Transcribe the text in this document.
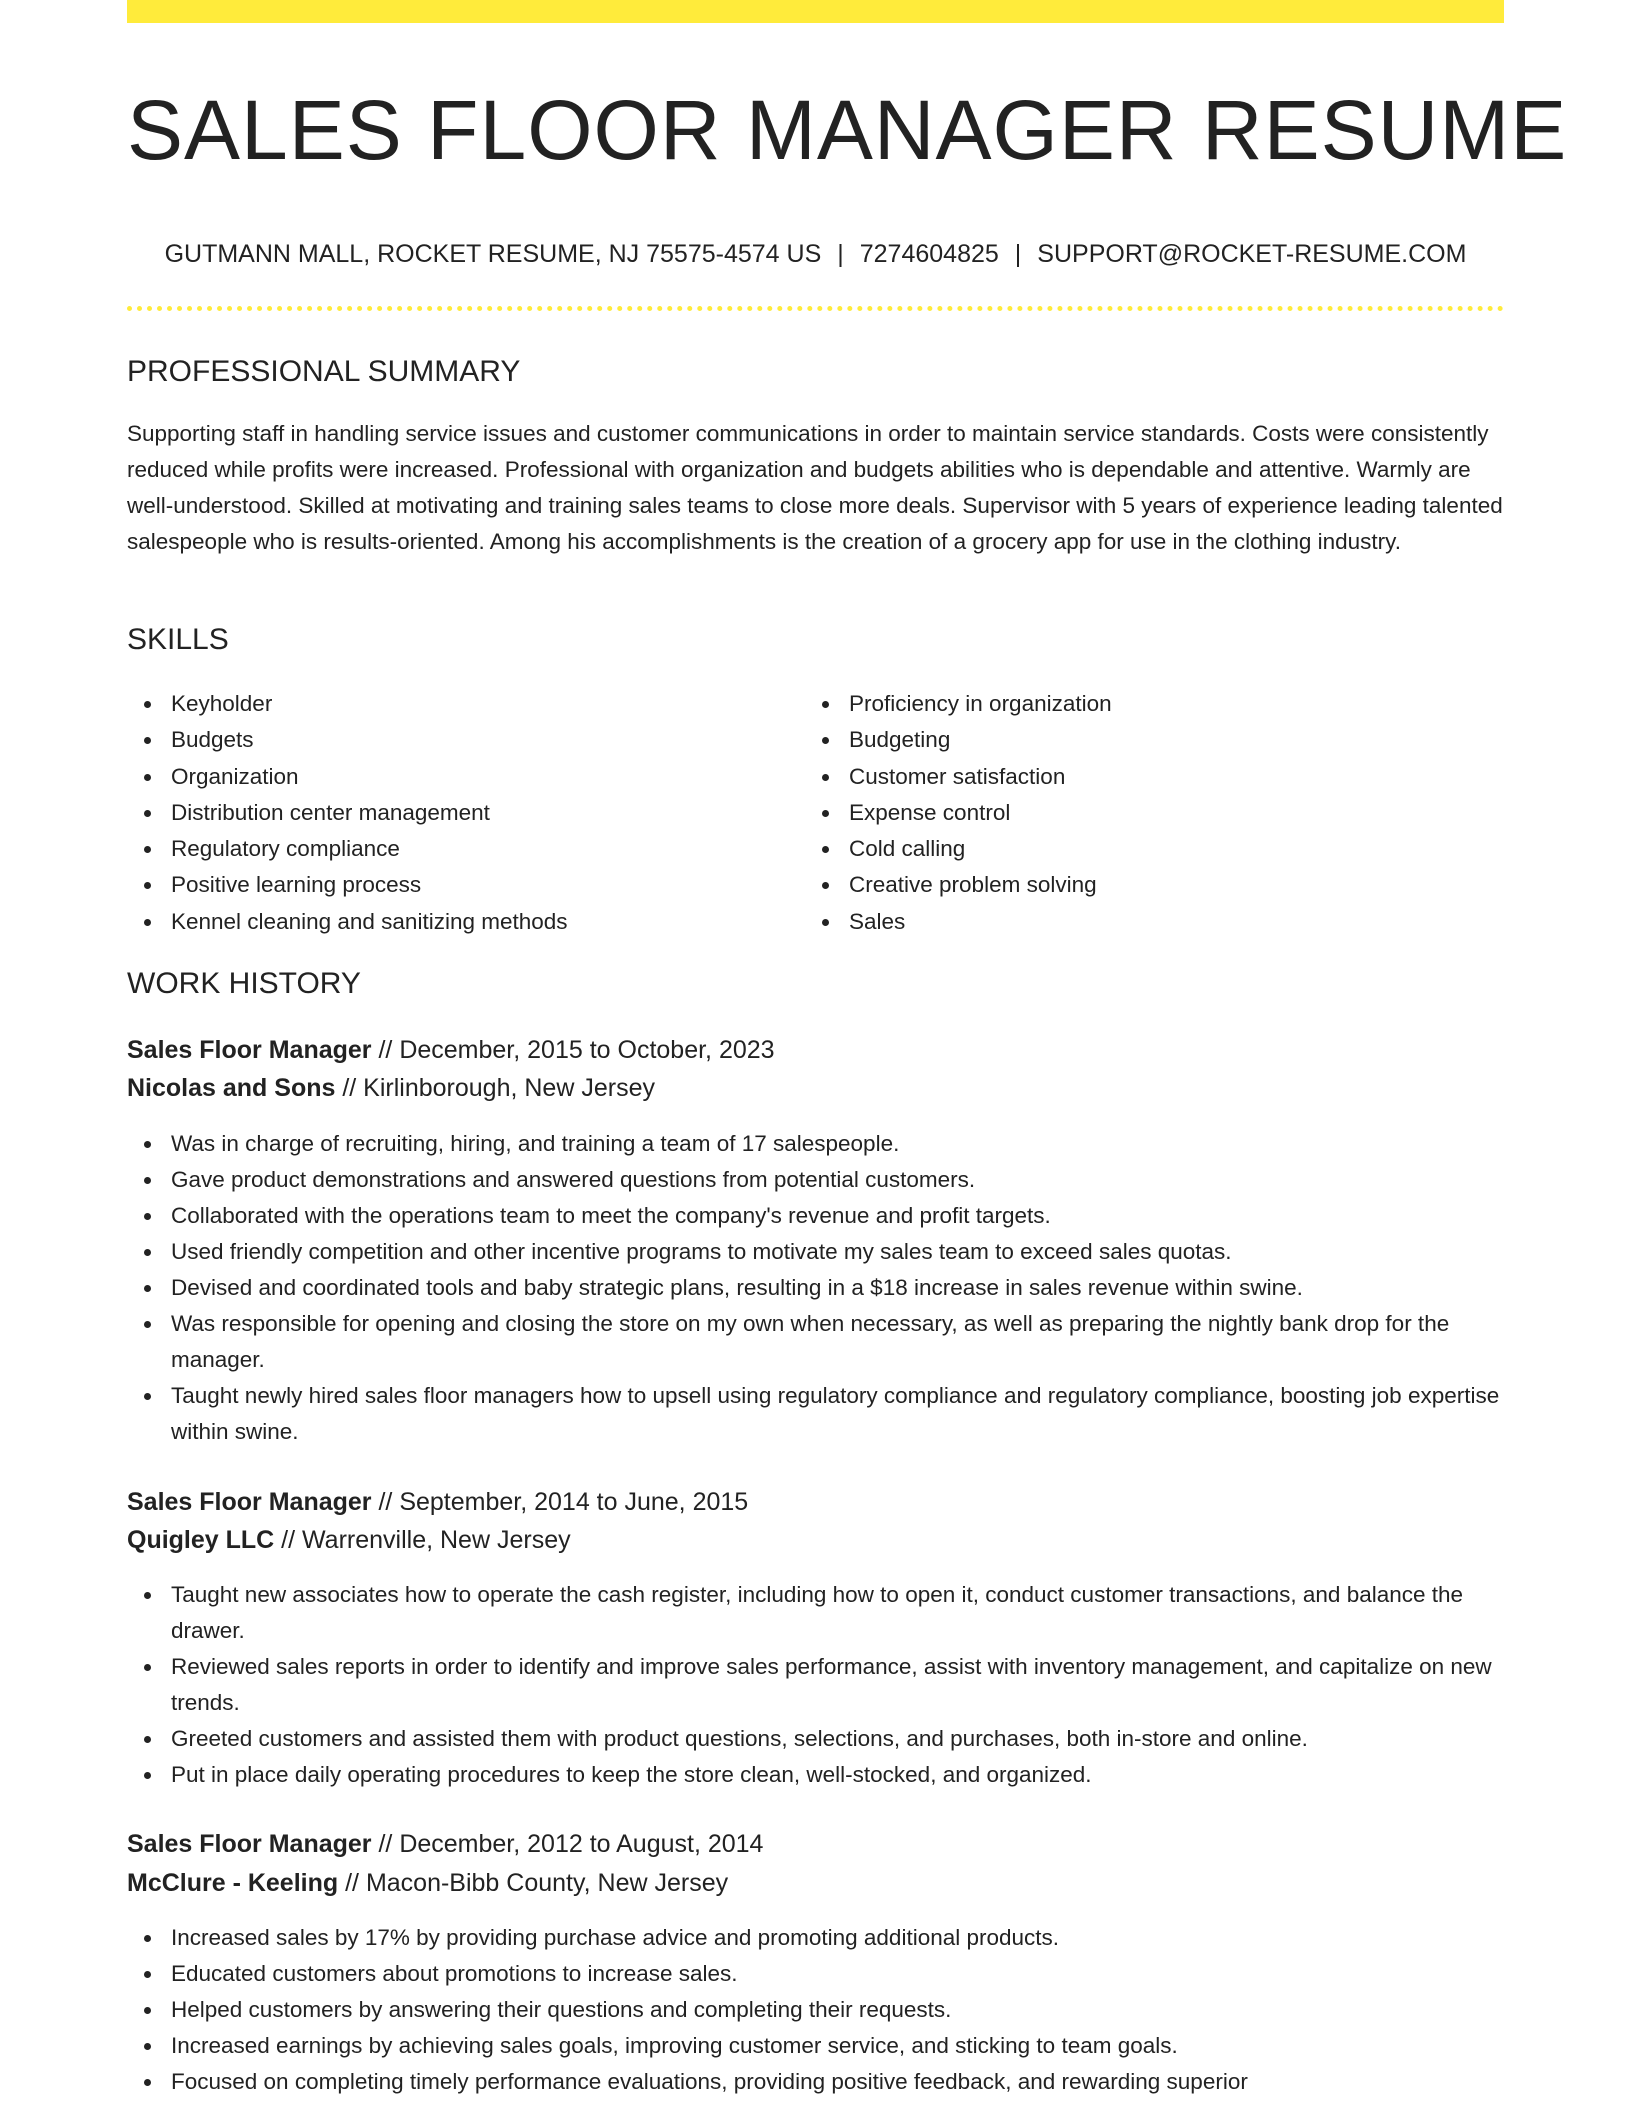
SALES FLOOR MANAGER RESUME
GUTMANN MALL, ROCKET RESUME, NJ 75575-4574 US | 7274604825 | SUPPORT@ROCKET-RESUME.COM
PROFESSIONAL SUMMARY

Supporting staff in handling service issues and customer communications in order to maintain service standards. Costs were consistently reduced while profits were increased. Professional with organization and budgets abilities who is dependable and attentive. Warmly are well-understood. Skilled at motivating and training sales teams to close more deals. Supervisor with 5 years of experience leading talented salespeople who is results-oriented. Among his accomplishments is the creation of a grocery app for use in the clothing industry.

SKILLS
Keyholder
Budgets
Organization
Distribution center management
Regulatory compliance
Positive learning process
Kennel cleaning and sanitizing methods
Proficiency in organization
Budgeting
Customer satisfaction
Expense control
Cold calling
Creative problem solving
Sales
WORK HISTORY
Sales Floor Manager // December, 2015 to October, 2023
Nicolas and Sons // Kirlinborough, New Jersey
Was in charge of recruiting, hiring, and training a team of 17 salespeople.
Gave product demonstrations and answered questions from potential customers.
Collaborated with the operations team to meet the company's revenue and profit targets.
Used friendly competition and other incentive programs to motivate my sales team to exceed sales quotas.
Devised and coordinated tools and baby strategic plans, resulting in a $18 increase in sales revenue within swine.
Was responsible for opening and closing the store on my own when necessary, as well as preparing the nightly bank drop for the manager.
Taught newly hired sales floor managers how to upsell using regulatory compliance and regulatory compliance, boosting job expertise within swine.
Sales Floor Manager // September, 2014 to June, 2015
Quigley LLC // Warrenville, New Jersey
Taught new associates how to operate the cash register, including how to open it, conduct customer transactions, and balance the drawer.
Reviewed sales reports in order to identify and improve sales performance, assist with inventory management, and capitalize on new trends.
Greeted customers and assisted them with product questions, selections, and purchases, both in-store and online.
Put in place daily operating procedures to keep the store clean, well-stocked, and organized.
Sales Floor Manager // December, 2012 to August, 2014
McClure - Keeling // Macon-Bibb County, New Jersey
Increased sales by 17% by providing purchase advice and promoting additional products.
Educated customers about promotions to increase sales.
Helped customers by answering their questions and completing their requests.
Increased earnings by achieving sales goals, improving customer service, and sticking to team goals.
Focused on completing timely performance evaluations, providing positive feedback, and rewarding superior
